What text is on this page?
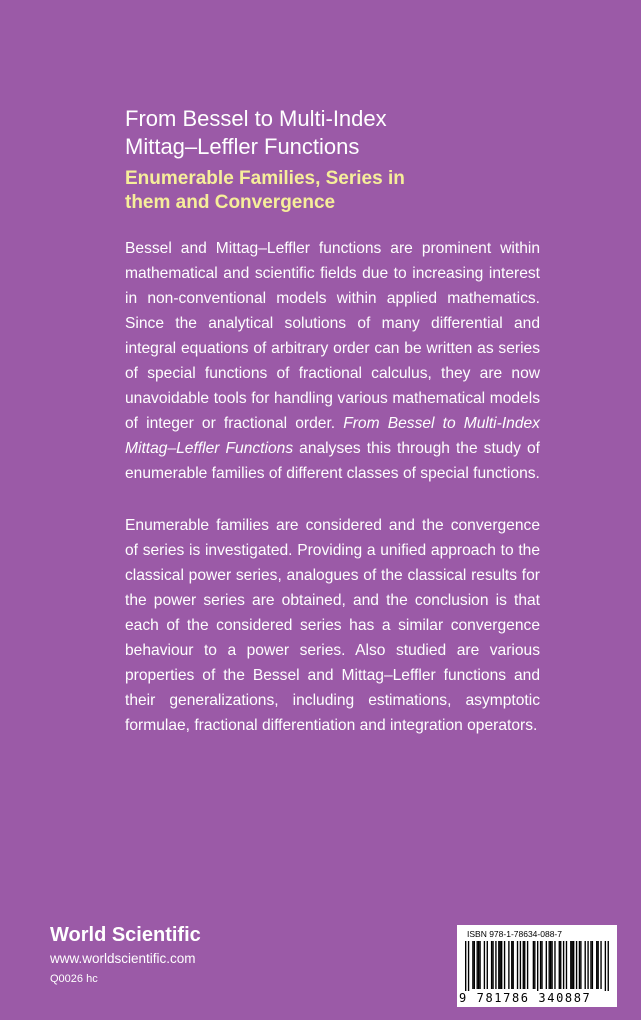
From Bessel to Multi-Index
Mittag–Leffler Functions
Enumerable Families, Series in
them and Convergence

Bessel and Mittag–Leffler functions are prominent within mathematical and scientific fields due to increasing interest in non-conventional models within applied mathematics. Since the analytical solutions of many differential and integral equations of arbitrary order can be written as series of special functions of fractional calculus, they are now unavoidable tools for handling various mathematical models of integer or fractional order. From Bessel to Multi-Index Mittag–Leffler Functions analyses this through the study of enumerable families of different classes of special functions.

Enumerable families are considered and the convergence of series is investigated. Providing a unified approach to the classical power series, analogues of the classical results for the power series are obtained, and the conclusion is that each of the considered series has a similar convergence behaviour to a power series. Also studied are various properties of the Bessel and Mittag–Leffler functions and their generalizations, including estimations, asymptotic formulae, fractional differentiation and integration operators.

World Scientific
www.worldscientific.com
Q0026 hc
ISBN 978-1-78634-088-7
9 781786 340887
